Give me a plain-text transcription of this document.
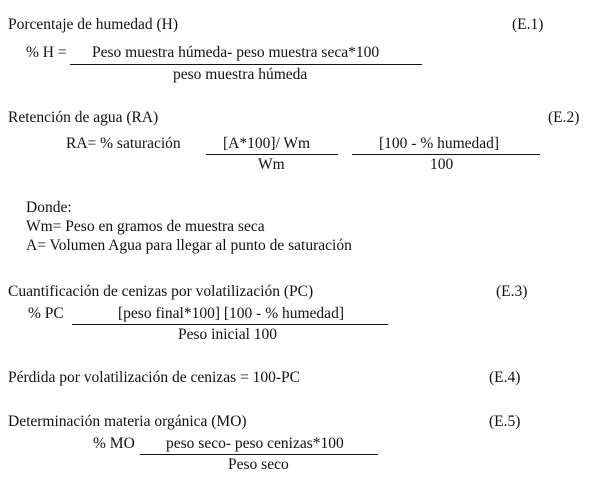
Porcentaje de humedad (H)	(E.1)
% H = Peso muestra húmeda- peso muestra seca*100
peso muestra húmeda
Retención de agua (RA)	(E.2)
RA= % saturación	[A*100]/ Wm
Wm
[100 - % humedad]
100
Donde:
Wm= Peso en gramos de muestra seca
A= Volumen Agua para llegar al punto de saturación
Cuantificación de cenizas por volatilización (PC)	(E.3)
% PC	[peso final*100] [100 - % humedad]
Peso inicial 100
Pérdida por volatilización de cenizas = 100-PC	(E.4)
Determinación materia orgánica (MO)	(E.5)
% MO peso seco- peso cenizas*100
Peso seco
